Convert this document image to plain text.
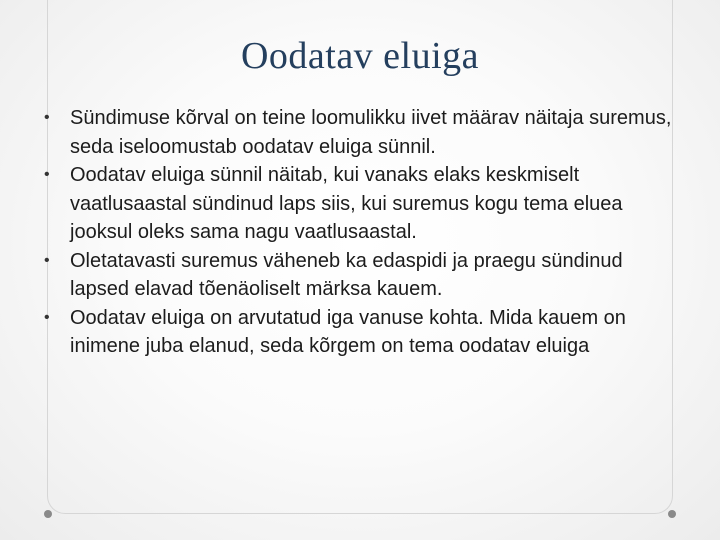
Oodatav eluiga
• Sündimuse kõrval on teine loomulikku iivet määrav näitaja suremus, seda iseloomustab oodatav eluiga sünnil.
• Oodatav eluiga sünnil näitab, kui vanaks elaks keskmiselt vaatlusaastal sündinud laps siis, kui suremus kogu tema eluea jooksul oleks sama nagu vaatlusaastal.
• Oletatavasti suremus väheneb ka edaspidi ja praegu sündinud lapsed elavad tõenäoliselt märksa kauem.
• Oodatav eluiga on arvutatud iga vanuse kohta. Mida kauem on inimene juba elanud, seda kõrgem on tema oodatav eluiga
